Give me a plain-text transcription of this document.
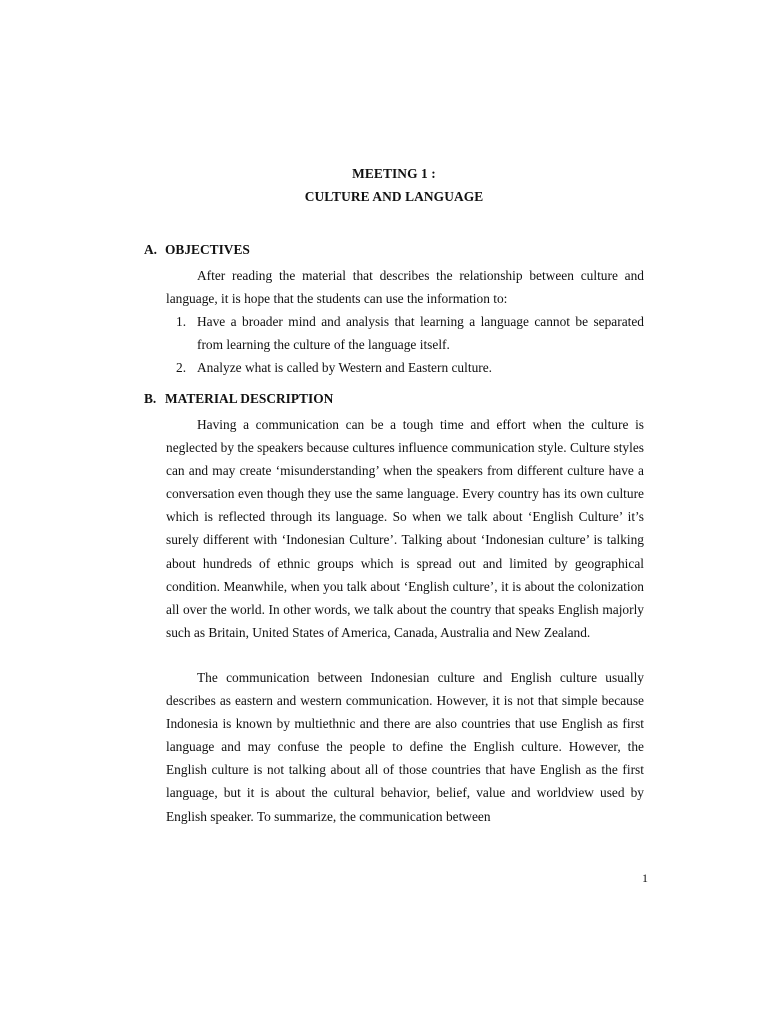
MEETING 1 :
CULTURE AND LANGUAGE
A. OBJECTIVES

After reading the material that describes the relationship between culture and language, it is hope that the students can use the information to:

1. Have a broader mind and analysis that learning a language cannot be separated from learning the culture of the language itself.
2. Analyze what is called by Western and Eastern culture.
B. MATERIAL DESCRIPTION

Having a communication can be a tough time and effort when the culture is neglected by the speakers because cultures influence communication style. Culture styles can and may create ‘misunderstanding’ when the speakers from different culture have a conversation even though they use the same language. Every country has its own culture which is reflected through its language. So when we talk about ‘English Culture’ it’s surely different with ‘Indonesian Culture’. Talking about ‘Indonesian culture’ is talking about hundreds of ethnic groups which is spread out and limited by geographical condition. Meanwhile, when you talk about ‘English culture’, it is about the colonization all over the world. In other words, we talk about the country that speaks English majorly such as Britain, United States of America, Canada, Australia and New Zealand.

The communication between Indonesian culture and English culture usually describes as eastern and western communication. However, it is not that simple because Indonesia is known by multiethnic and there are also countries that use English as first language and may confuse the people to define the English culture. However, the English culture is not talking about all of those countries that have English as the first language, but it is about the cultural behavior, belief, value and worldview used by English speaker. To summarize, the communication between

1
